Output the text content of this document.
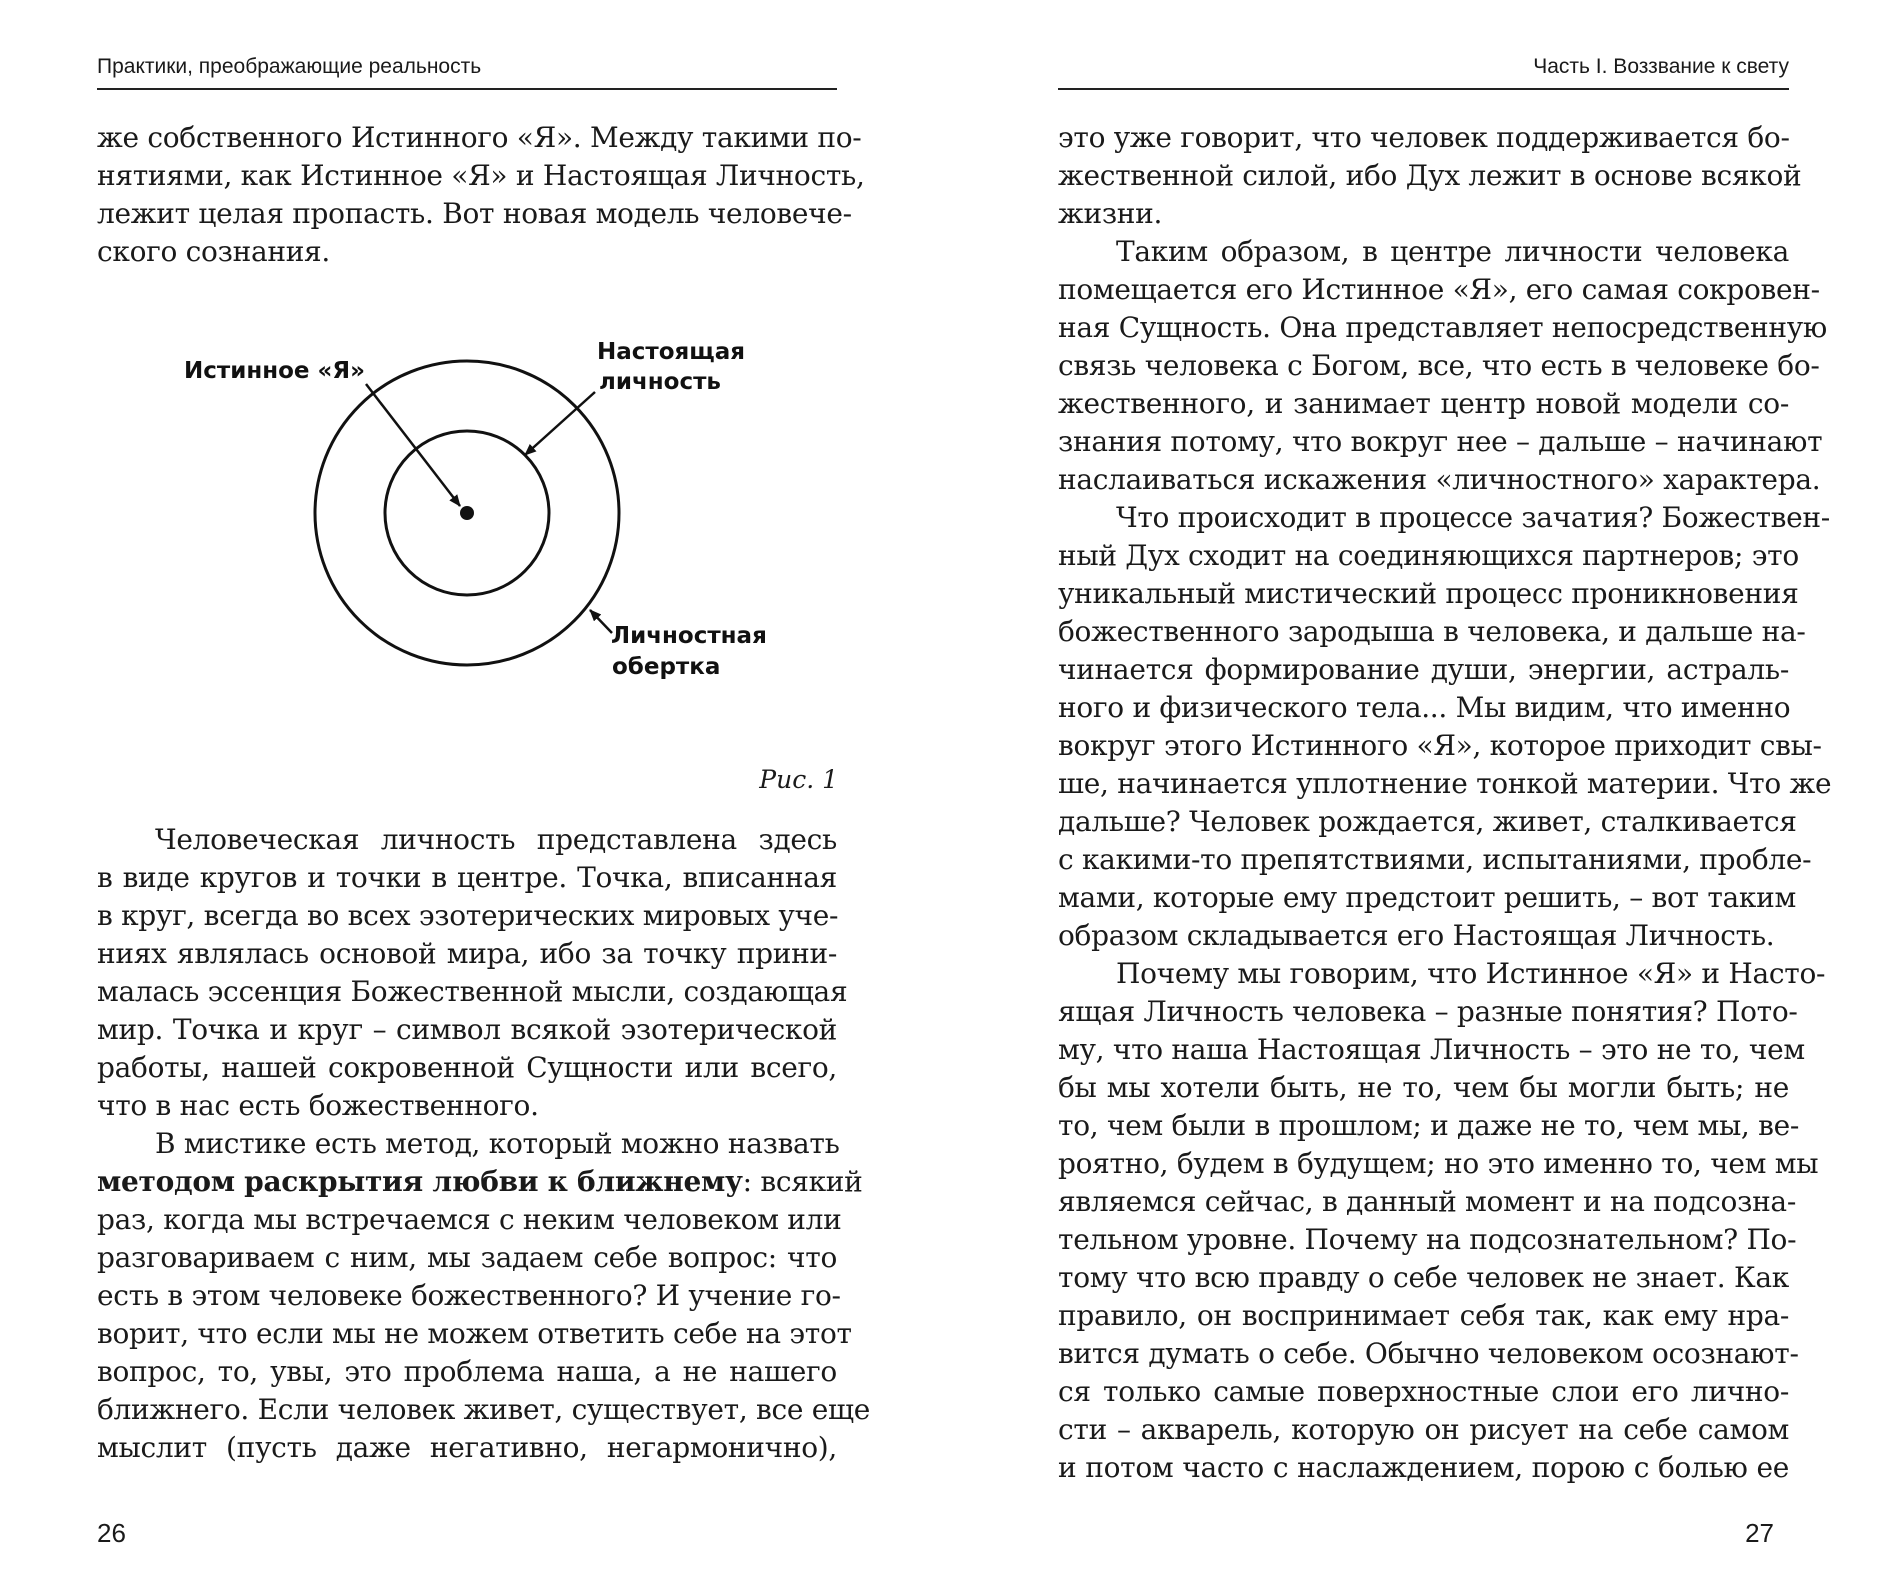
Практики, преображающие реальность
же собственного Истинного «Я». Между такими по-
нятиями, как Истинное «Я» и Настоящая Личность,
лежит целая пропасть. Вот новая модель человече-
ского сознания.
Истинное «Я»
Настоящая
личность
Личностная
обертка
Рис. 1
Человеческая личность представлена здесь
в виде кругов и точки в центре. Точка, вписанная
в круг, всегда во всех эзотерических мировых уче-
ниях являлась основой мира, ибо за точку прини-
малась эссенция Божественной мысли, создающая
мир. Точка и круг – символ всякой эзотерической
работы, нашей сокровенной Сущности или всего,
что в нас есть божественного.
В мистике есть метод, который можно назвать
методом раскрытия любви к ближнему: всякий
раз, когда мы встречаемся с неким человеком или
разговариваем с ним, мы задаем себе вопрос: что
есть в этом человеке божественного? И учение го-
ворит, что если мы не можем ответить себе на этот
вопрос, то, увы, это проблема наша, а не нашего
ближнего. Если человек живет, существует, все еще
мыслит (пусть даже негативно, негармонично),
26
Часть I. Воззвание к свету
это уже говорит, что человек поддерживается бо-
жественной силой, ибо Дух лежит в основе всякой
жизни.
Таким образом, в центре личности человека
помещается его Истинное «Я», его самая сокровен-
ная Сущность. Она представляет непосредственную
связь человека с Богом, все, что есть в человеке бо-
жественного, и занимает центр новой модели со-
знания потому, что вокруг нее – дальше – начинают
наслаиваться искажения «личностного» характера.
Что происходит в процессе зачатия? Божествен-
ный Дух сходит на соединяющихся партнеров; это
уникальный мистический процесс проникновения
божественного зародыша в человека, и дальше на-
чинается формирование души, энергии, астраль-
ного и физического тела... Мы видим, что именно
вокруг этого Истинного «Я», которое приходит свы-
ше, начинается уплотнение тонкой материи. Что же
дальше? Человек рождается, живет, сталкивается
с какими-то препятствиями, испытаниями, пробле-
мами, которые ему предстоит решить, – вот таким
образом складывается его Настоящая Личность.
Почему мы говорим, что Истинное «Я» и Насто-
ящая Личность человека – разные понятия? Пото-
му, что наша Настоящая Личность – это не то, чем
бы мы хотели быть, не то, чем бы могли быть; не
то, чем были в прошлом; и даже не то, чем мы, ве-
роятно, будем в будущем; но это именно то, чем мы
являемся сейчас, в данный момент и на подсозна-
тельном уровне. Почему на подсознательном? По-
тому что всю правду о себе человек не знает. Как
правило, он воспринимает себя так, как ему нра-
вится думать о себе. Обычно человеком осознают-
ся только самые поверхностные слои его лично-
сти – акварель, которую он рисует на себе самом
и потом часто с наслаждением, порою с болью ее
27
